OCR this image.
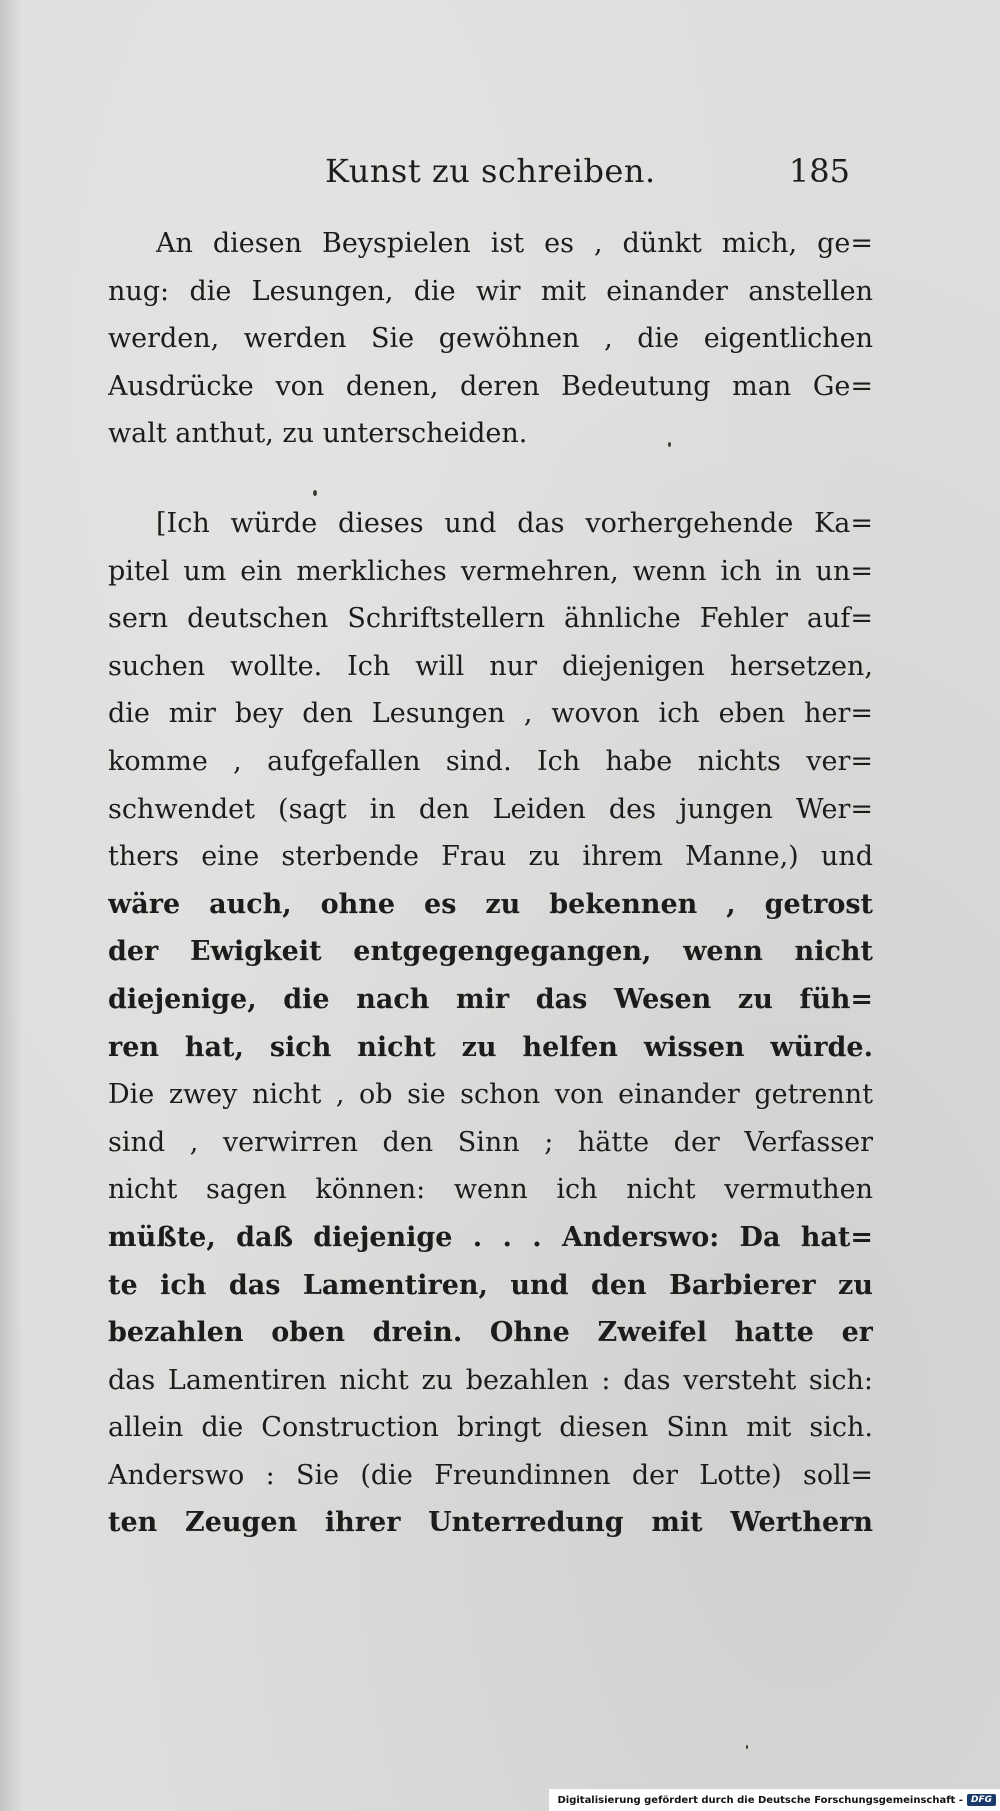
Kunst zu schreiben.	185
An diesen Beyspielen ist es , dünkt mich, ge=
nug: die Lesungen, die wir mit einander anstellen
werden, werden Sie gewöhnen , die eigentlichen
Ausdrücke von denen, deren Bedeutung man Ge=
walt anthut, zu unterscheiden.
[Ich würde dieses und das vorhergehende Ka=
pitel um ein merkliches vermehren, wenn ich in un=
sern deutschen Schriftstellern ähnliche Fehler auf=
suchen wollte. Ich will nur diejenigen hersetzen,
die mir bey den Lesungen , wovon ich eben her=
komme , aufgefallen sind. Ich habe nichts ver=
schwendet (sagt in den Leiden des jungen Wer=
thers eine sterbende Frau zu ihrem Manne,) und
wäre auch, ohne es zu bekennen , getrost
der Ewigkeit entgegengegangen, wenn nicht
diejenige, die nach mir das Wesen zu füh=
ren hat, sich nicht zu helfen wissen würde.
Die zwey nicht , ob sie schon von einander getrennt
sind , verwirren den Sinn ; hätte der Verfasser
nicht sagen können: wenn ich nicht vermuthen
müßte, daß diejenige . . . Anderswo: Da hat=
te ich das Lamentiren, und den Barbierer zu
bezahlen oben drein. Ohne Zweifel hatte er
das Lamentiren nicht zu bezahlen : das versteht sich:
allein die Construction bringt diesen Sinn mit sich.
Anderswo : Sie (die Freundinnen der Lotte) soll=
ten Zeugen ihrer Unterredung mit Werthern
Digitalisierung gefördert durch die Deutsche Forschungsgemeinschaft - DFG
